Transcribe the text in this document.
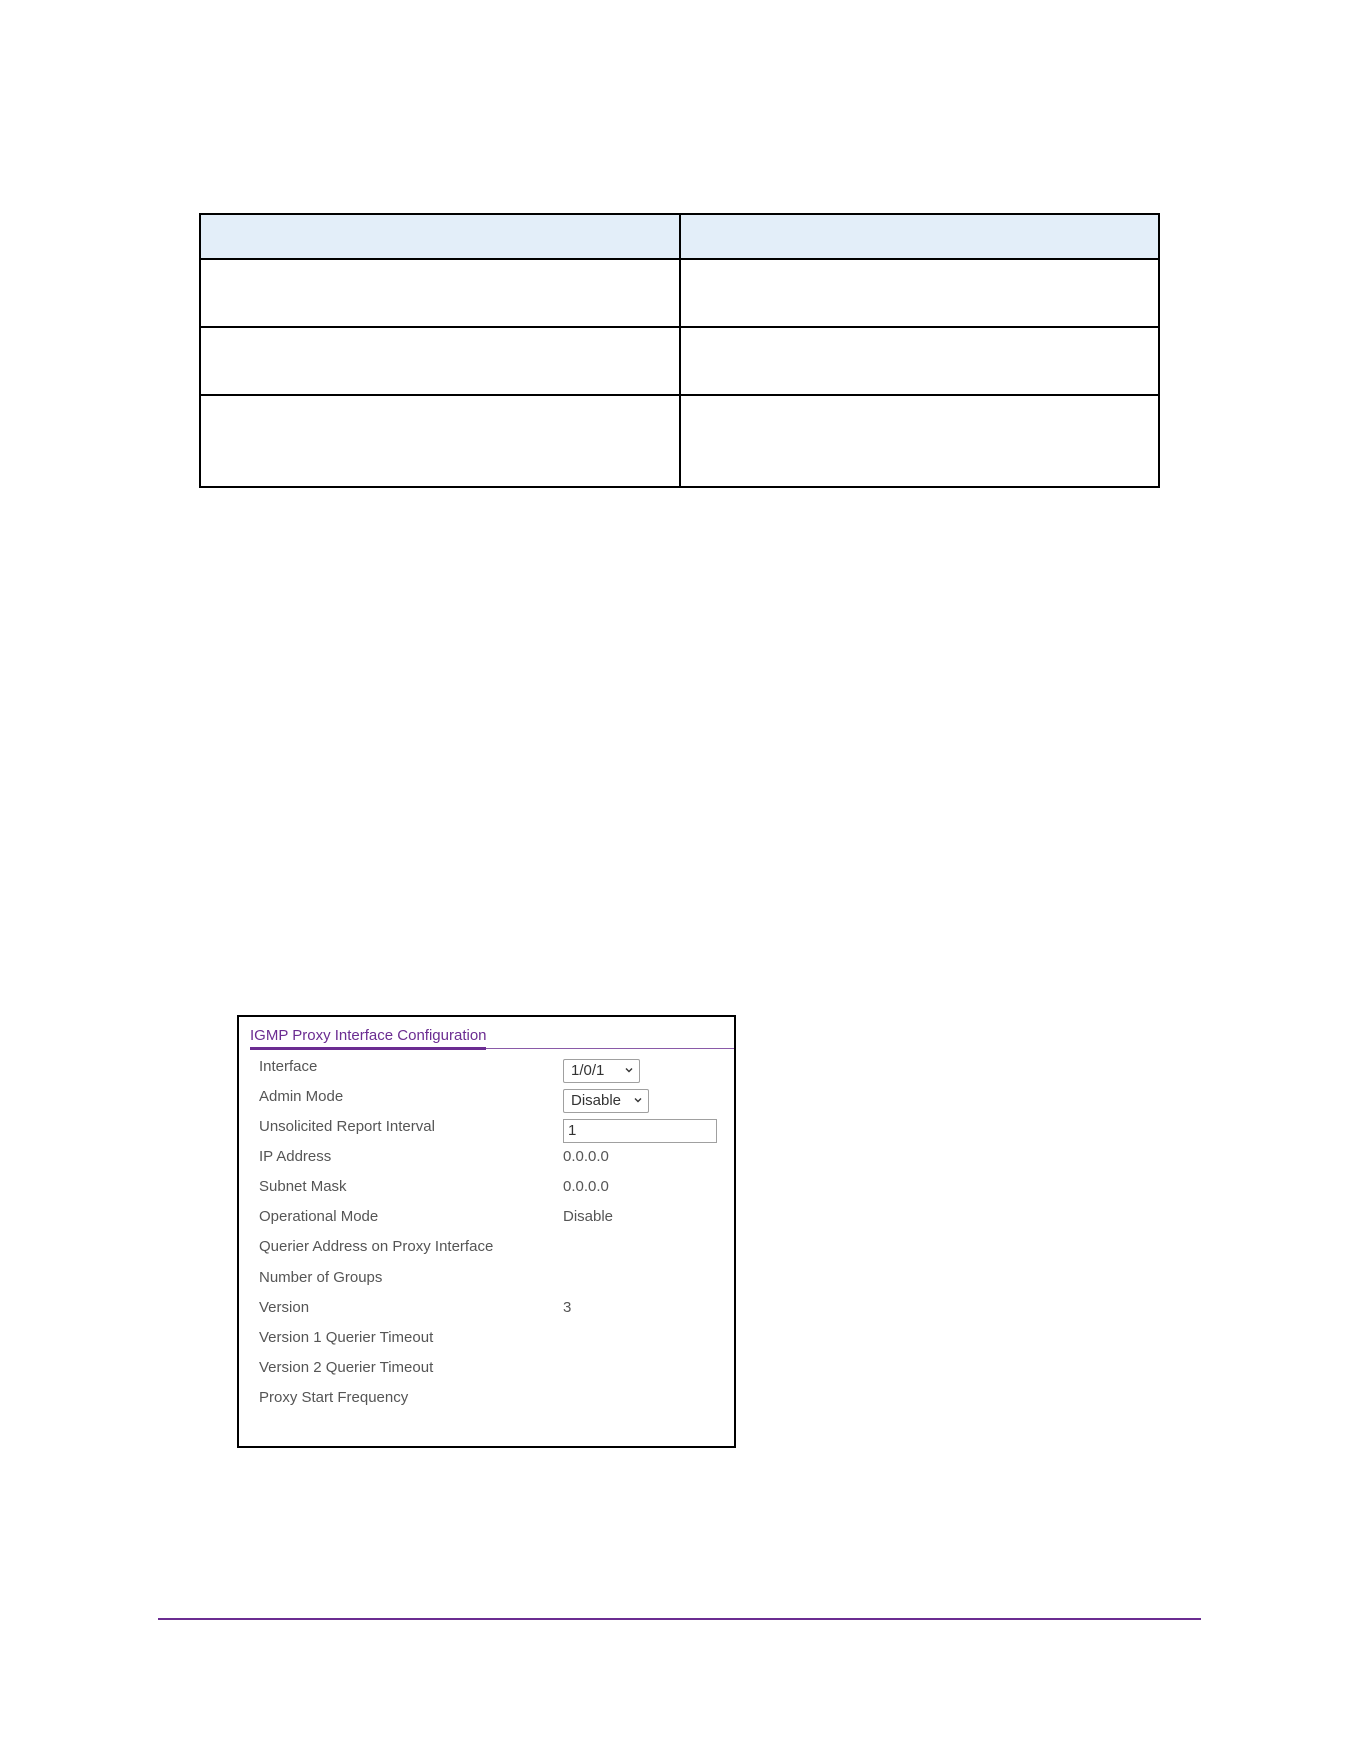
IGMP Proxy Interface Configuration
Interface	1/0/1
Admin Mode	Disable
Unsolicited Report Interval	1
IP Address	0.0.0.0
Subnet Mask	0.0.0.0
Operational Mode	Disable
Querier Address on Proxy Interface
Number of Groups
Version	3
Version 1 Querier Timeout
Version 2 Querier Timeout
Proxy Start Frequency
